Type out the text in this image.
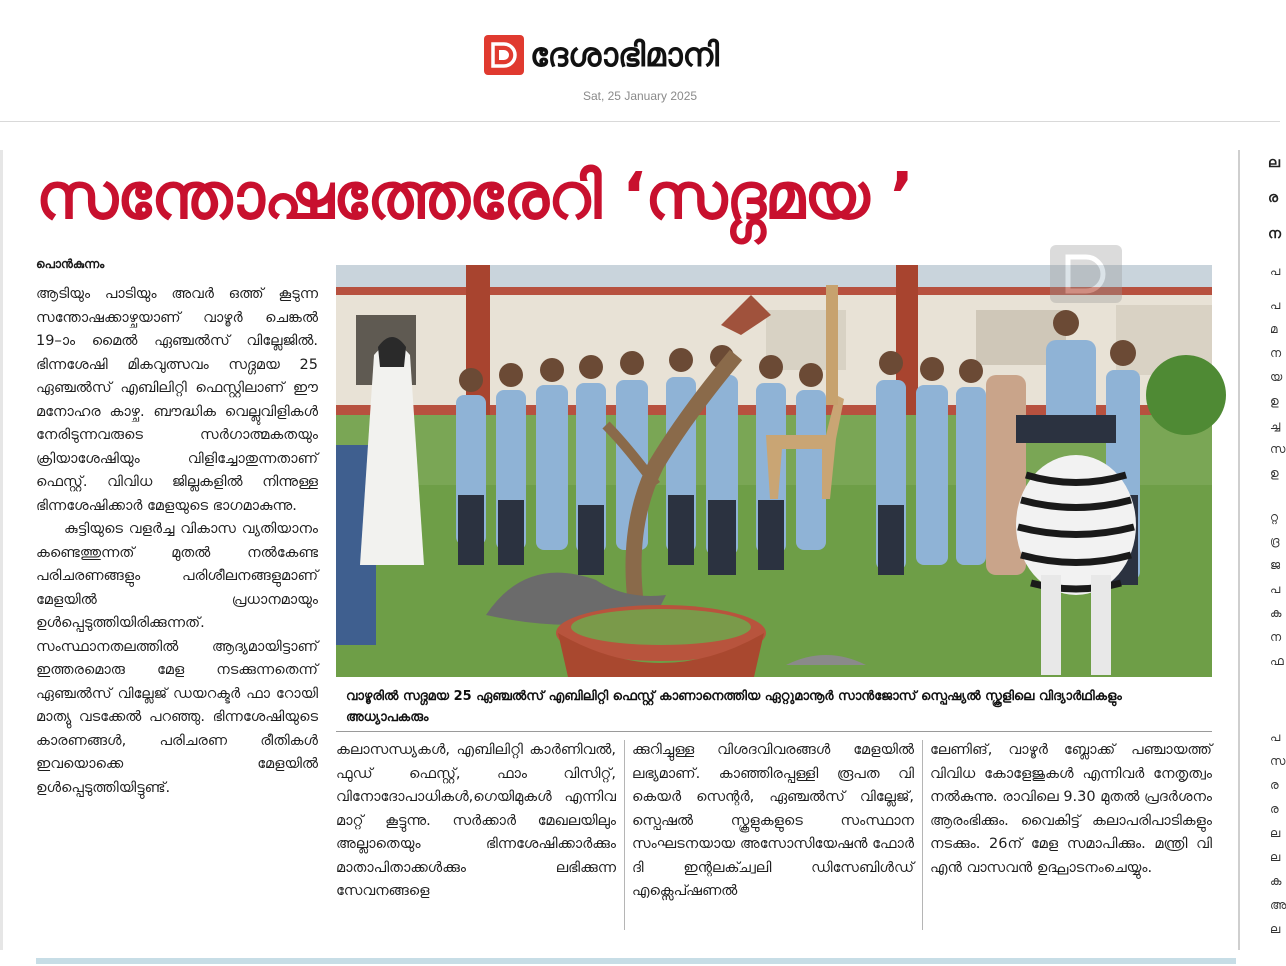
ദേശാഭിമാനി
Sat, 25 January 2025
സന്തോഷത്തേരേറി ‘സദ്ഗമയ ’
പൊൻകുന്നം

ആടിയും പാടിയും അവർ ഒത്ത് കൂടുന്ന സന്തോഷക്കാഴ്ചയാണ് വാഴൂർ ചെങ്കൽ 19–ാം മൈൽ ഏഞ്ചൽസ് വില്ലേജിൽ. ഭിന്നശേഷി മികവുത്സവം സദ്ഗമയ 25 ഏഞ്ചൽസ് എബിലിറ്റി ഫെസ്റ്റിലാണ് ഈ മനോഹര കാഴ്ച. ബൗദ്ധിക വെല്ലുവിളികൾ നേരിടുന്നവരുടെ സർഗാത്മകതയും ക്രിയാശേഷിയും വിളിച്ചോതുന്നതാണ് ഫെസ്റ്റ്. വിവിധ ജില്ലകളിൽ നിന്നുള്ള ഭിന്നശേഷിക്കാർ മേളയുടെ ഭാഗമാകുന്നു.

കുട്ടിയുടെ വളർച്ച വികാസ വ്യതിയാനം കണ്ടെത്തുന്നത് മുതൽ നൽകേണ്ട പരിചരണങ്ങളും പരിശീലനങ്ങളുമാണ് മേളയിൽ പ്രധാനമായും ഉൾപ്പെടുത്തിയിരിക്കുന്നത്. സംസ്ഥാനതലത്തിൽ ആദ്യമായിട്ടാണ് ഇത്തരമൊരു മേള നടക്കുന്നതെന്ന് ഏഞ്ചൽസ് വില്ലേജ് ഡയറക്ടർ ഫാ റോയി മാത്യു വടക്കേൽ പറഞ്ഞു. ഭിന്നശേഷിയുടെ കാരണങ്ങൾ, പരിചരണ രീതികൾ ഇവയൊക്കെ മേളയിൽ ഉൾപ്പെടുത്തിയിട്ടുണ്ട്.

വാഴൂരിൽ സദ്ഗമയ 25 ഏഞ്ചൽസ് എബിലിറ്റി ഫെസ്റ്റ് കാണാനെത്തിയ ഏറ്റുമാനൂർ സാൻജോസ് സ്പെഷ്യൽ സ്കൂളിലെ വിദ്യാർഥികളും അധ്യാപകരും

കലാസന്ധ്യകൾ, എബിലിറ്റി കാർണിവൽ, ഫുഡ് ഫെസ്റ്റ്, ഫാം വിസിറ്റ്, വിനോദോപാധികൾ,ഗെയിമുകൾ എന്നിവ മാറ്റ് കൂട്ടുന്നു. സർക്കാർ മേഖലയിലും അല്ലാതെയും ഭിന്നശേഷിക്കാർക്കും മാതാപിതാക്കൾക്കും ലഭിക്കുന്ന സേവനങ്ങളെ

ക്കുറിച്ചുള്ള വിശദവിവരങ്ങൾ മേളയിൽ ലഭ്യമാണ്. കാഞ്ഞിരപ്പള്ളി രൂപത വി കെയർ സെന്റർ, ഏഞ്ചൽസ് വില്ലേജ്, സ്പെഷൽ സ്കൂളുകളുടെ സംസ്ഥാന സംഘടനയായ അസോസിയേഷൻ ഫോർ ദി ഇന്റലക്ച്വലി ഡിസേബിൾഡ് എക്സെപ്ഷണൽ

ലേണിങ്, വാഴൂർ ബ്ലോക്ക് പഞ്ചായത്ത് വിവിധ കോളേജുകൾ എന്നിവർ നേതൃത്വം നൽകുന്നു. രാവിലെ 9.30 മുതൽ പ്രദർശനം ആരംഭിക്കും. വൈകിട്ട് കലാപരിപാടികളും നടക്കും. 26ന് മേള സമാപിക്കും. മന്ത്രി വി എൻ വാസവൻ ഉദ്ഘാടനംചെയ്യും.

ല
ര
ന
പ
പ
മ
ന
യ
ഉ
ച്ച
സ
ഉ
റ്റ
ദ്ര
ജ
പ
ക
ന
ഫ
പ
സ
ര
ര
ല
ല
ക
അ
ല
